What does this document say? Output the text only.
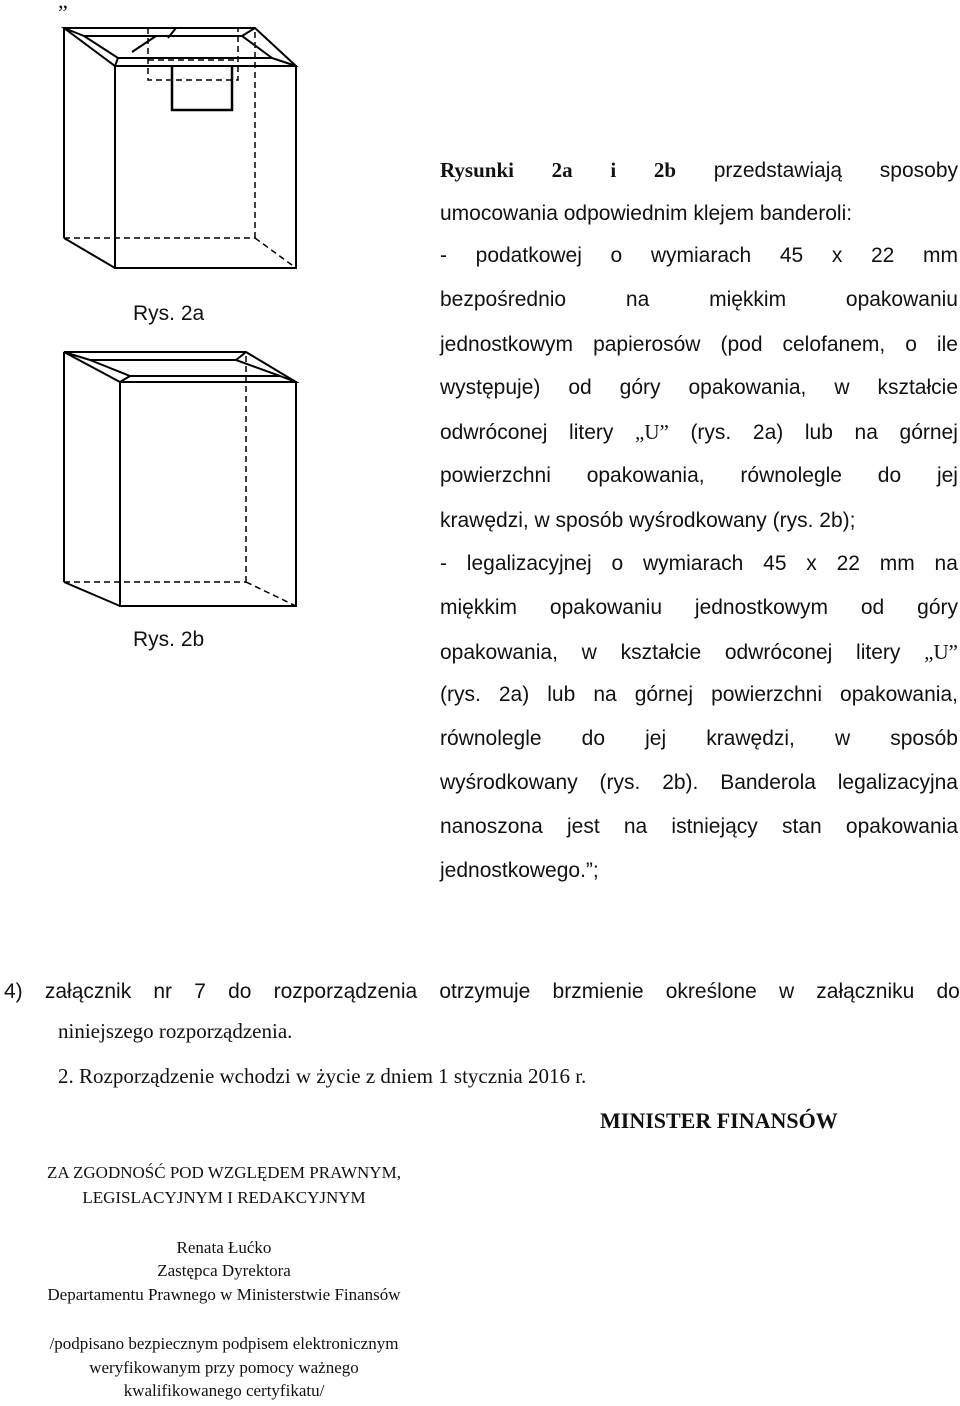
„
Rys. 2a
Rys. 2b
Rysunki 2a i 2b przedstawiają sposoby
umocowania odpowiednim klejem banderoli:
- podatkowej o wymiarach 45 x 22 mm
bezpośrednio	na	miękkim	opakowaniu
jednostkowym papierosów (pod celofanem, o ile
występuje) od góry opakowania, w kształcie
odwróconej litery „U” (rys. 2a) lub na górnej
powierzchni opakowania, równolegle do jej
krawędzi, w sposób wyśrodkowany (rys. 2b);
- legalizacyjnej o wymiarach 45 x 22 mm na
miękkim opakowaniu jednostkowym od góry
opakowania, w kształcie odwróconej litery „U”
(rys. 2a) lub na górnej powierzchni opakowania,
równolegle do jej krawędzi, w sposób
wyśrodkowany (rys. 2b). Banderola legalizacyjna
nanoszona jest na istniejący stan opakowania
jednostkowego.”;
4) załącznik nr 7 do rozporządzenia otrzymuje brzmienie określone w załączniku do
niniejszego rozporządzenia.
2. Rozporządzenie wchodzi w życie z dniem 1 stycznia 2016 r.
MINISTER FINANSÓW
ZA ZGODNOŚĆ POD WZGLĘDEM PRAWNYM,
LEGISLACYJNYM I REDAKCYJNYM
Renata Łućko
Zastępca Dyrektora
Departamentu Prawnego w Ministerstwie Finansów
/podpisano bezpiecznym podpisem elektronicznym
weryfikowanym przy pomocy ważnego
kwalifikowanego certyfikatu/
